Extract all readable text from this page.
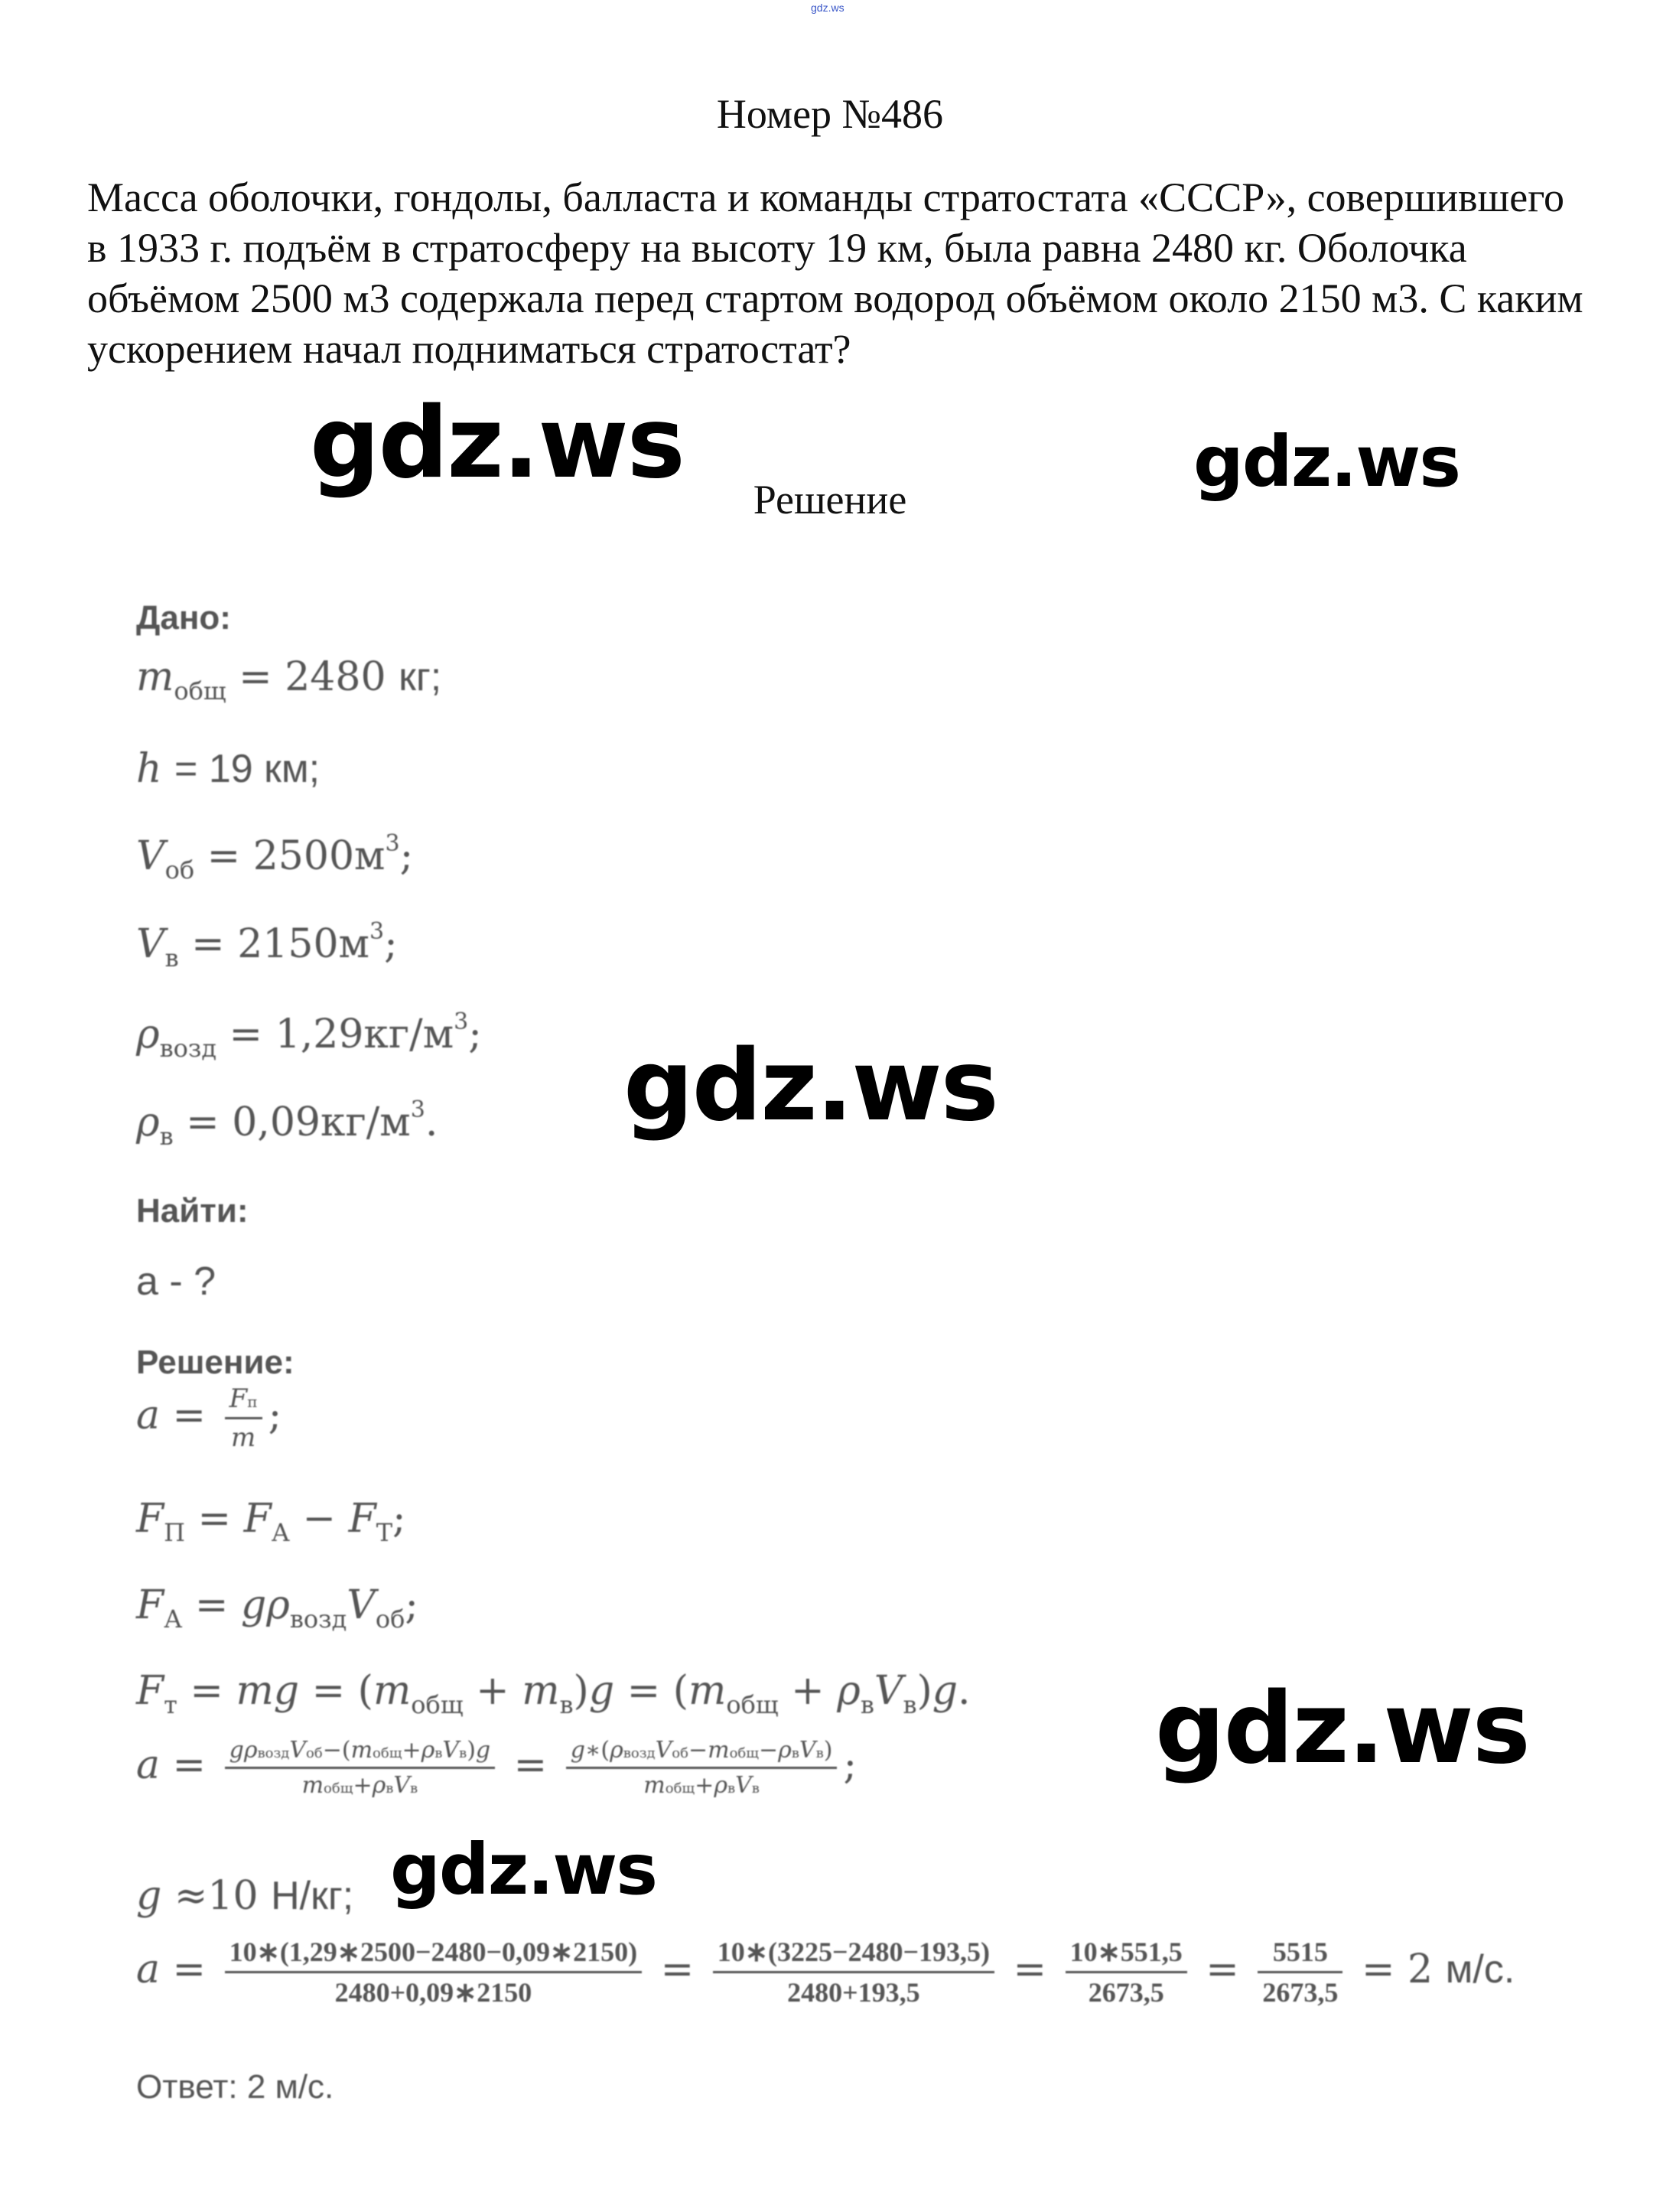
gdz.ws
Номер №486
Масса оболочки, гондолы, балласта и команды стратостата «СССР», совершившего в 1933 г. подъём в стратосферу на высоту 19 км, была равна 2480 кг. Оболочка объёмом 2500 м3 содержала перед стартом водород объёмом около 2150 м3. С каким ускорением начал подниматься стратостат?
Решение
gdz.ws	gdz.ws
gdz.ws
gdz.ws
gdz.ws
Дано:
$m_{общ} = 2480$ кг;
h = 19 км;
$V_{об} = 2500м^3$;
$V_в = 2150м^3$;
$\rho_{возд} = 1,29кг/м^3$;
$\rho_в = 0,09кг/м^3$.
Найти:
a - ?
Решение:
$a = \frac{Fп}{m}$ ;
$F_П = F_А - F_Т$;
$F_А = g\rho_{возд}V_{об}$;
$F_т$ = mg = $(m_{общ} + m_в)g = (m_{общ} + \rho_вV_в)g$.
$a = \frac{\text{gρвоздVоб−(mобщ+ρвVв)g}}{\text{mобщ+ρвVв}} = \frac{\text{g∗(ρвоздVоб−mобщ−ρвVв)}}{\text{mобщ+ρвVв}}$ ;
g ≈10 Н/кг;
$a = \frac{10∗(1,29∗2500-2480-0,09∗2150)}{2480+0,09∗2150} = \frac{10∗(3225-2480-193,5)}{2480+193,5} = \frac{10∗551,5}{2673,5} = \frac{5515}{2673,5} = 2$ м/с.
Ответ: 2 м/с.
